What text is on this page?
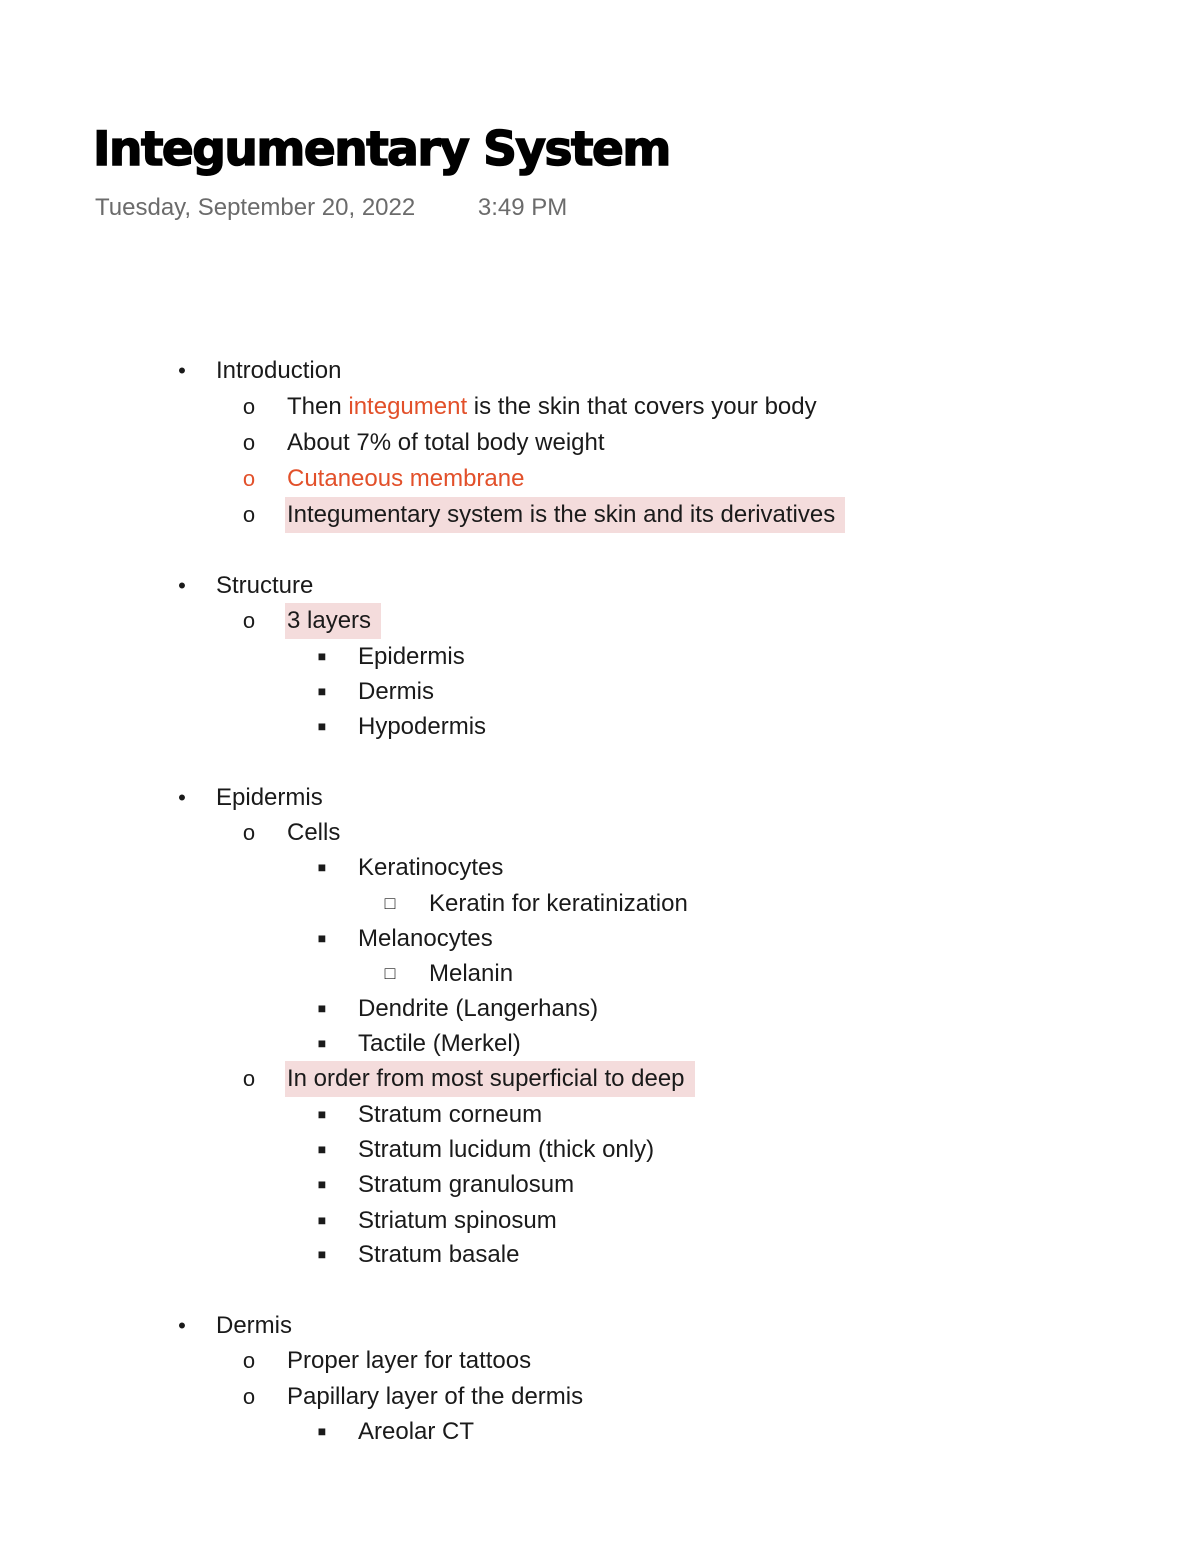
Integumentary System
Tuesday, September 20, 2022	3:49 PM
• Introduction
o Then integument is the skin that covers your body
o About 7% of total body weight
o Cutaneous membrane
o Integumentary system is the skin and its derivatives
• Structure
o 3 layers
■ Epidermis
■ Dermis
■ Hypodermis
• Epidermis
o Cells
■ Keratinocytes
□ Keratin for keratinization
■ Melanocytes
□ Melanin
■ Dendrite (Langerhans)
■ Tactile (Merkel)
o In order from most superficial to deep
■ Stratum corneum
■ Stratum lucidum (thick only)
■ Stratum granulosum
■ Striatum spinosum
■ Stratum basale
• Dermis
o Proper layer for tattoos
o Papillary layer of the dermis
■ Areolar CT
